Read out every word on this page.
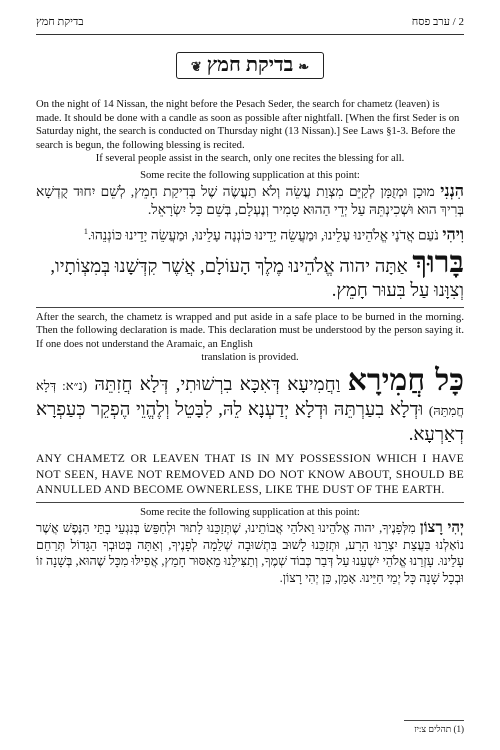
בדיקת חמץ	2 / ערב פסח
❧ בדיקת חמץ ❦

On the night of 14 Nissan, the night before the Pesach Seder, the search for chametz (leaven) is made. It should be done with a candle as soon as possible after nightfall. [When the first Seder is on Saturday night, the search is conducted on Thursday night (13 Nissan).] See Laws §1-3. Before the search is begun, the following blessing is recited.
If several people assist in the search, only one recites the blessing for all.

Some recite the following supplication at this point:

הִנְנִי מוּכָן וּמְזֻמָּן לְקַיֵּם מִצְוַת עֲשֵׂה וְלֹא תַעֲשֶׂה שֶׁל בְּדִיקַת חָמֵץ, לְשֵׁם יִחוּד קֻדְשָׁא בְּרִיךְ הוּא וּשְׁכִינְתֵּהּ עַל יְדֵי הַהוּא טָמִיר וְנֶעְלָם, בְּשֵׁם כָּל יִשְׂרָאֵל.

וִיהִי נֹעַם אֲדֹנָי אֱלֹהֵינוּ עָלֵינוּ, וּמַעֲשֵׂה יָדֵינוּ כּוֹנְנָה עָלֵינוּ, וּמַעֲשֵׂה יָדֵינוּ כּוֹנְנֵהוּ.$^1$

בָּרוּךְ אַתָּה יהוה אֱלֹהֵינוּ מֶלֶךְ הָעוֹלָם, אֲשֶׁר קִדְּשָׁנוּ בְּמִצְוֹתָיו, וְצִוָּנוּ עַל בִּעוּר חָמֵץ.

After the search, the chametz is wrapped and put aside in a safe place to be burned in the morning. Then the following declaration is made. This declaration must be understood by the person saying it. If one does not understand the Aramaic, an English
translation is provided.

כָּל חֲמִירָא וַחֲמִיעָא דְּאִכָּא בִרְשׁוּתִי, דְּלָא חֲזִתֵּהּ (נ״א: דְּלָא חֲמִתֵּהּ) וּדְלָא בִעַרְתֵּהּ וּדְלָא יְדַעְנָא לֵהּ, לִבָּטֵל וְלֶהֱוֵי הֶפְקֵר כְּעַפְרָא דְאַרְעָא.

ANY CHAMETZ OR LEAVEN THAT IS IN MY POSSESSION WHICH I HAVE NOT SEEN, HAVE NOT REMOVED AND DO NOT KNOW ABOUT, SHOULD BE ANNULLED AND BECOME OWNERLESS, LIKE THE DUST OF THE EARTH.

Some recite the following supplication at this point:

יְהִי רָצוֹן מִלְּפָנֶיךָ, יהוה אֱלֹהֵינוּ וֵאלֹהֵי אֲבוֹתֵינוּ, שֶׁתְּזַכֵּנוּ לָתוּר וּלְחַפֵּשׂ בְּנִגְעֵי בָתֵּי הַנֶּפֶשׁ אֲשֶׁר נוֹאַלְנוּ בַּעֲצַת יִצְרֵנוּ הָרָע, וּתְזַכֵּנוּ לָשׁוּב בִּתְשׁוּבָה שְׁלֵמָה לְפָנֶיךָ, וְאַתָּה בְּטוּבְךָ הַגָּדוֹל תְּרַחֵם עָלֵינוּ. עָזְרֵנוּ אֱלֹהֵי יִשְׁעֵנוּ עַל דְּבַר כְּבוֹד שְׁמֶךָ, וְתַצִּילֵנוּ מֵאִסּוּר חָמֵץ, אֲפִילּוּ מִכָּל שֶׁהוּא, בְּשָׁנָה זוֹ וּבְכָל שָׁנָה כָּל יְמֵי חַיֵּינוּ. אָמֵן, כֵּן יְהִי רָצוֹן.

(1) תהלים צ:יז
